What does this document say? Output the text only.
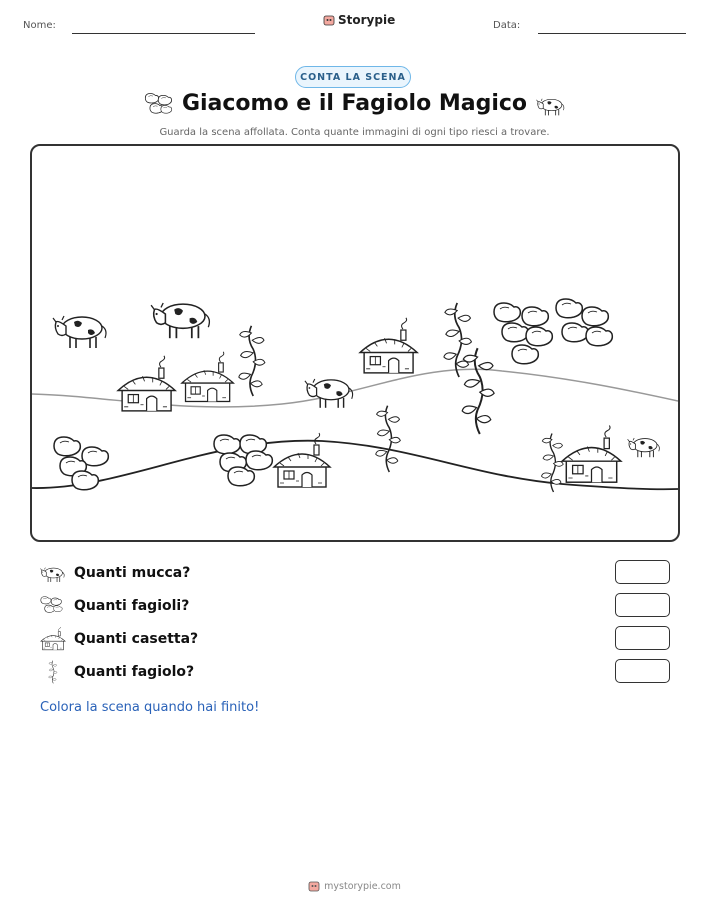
Nome:	Storypie	Data:
CONTA LA SCENA
Giacomo e il Fagiolo Magico
Guarda la scena affollata. Conta quante immagini di ogni tipo riesci a trovare.
Quanti mucca?
Quanti fagioli?
Quanti casetta?
Quanti fagiolo?
Colora la scena quando hai finito!
mystorypie.com
